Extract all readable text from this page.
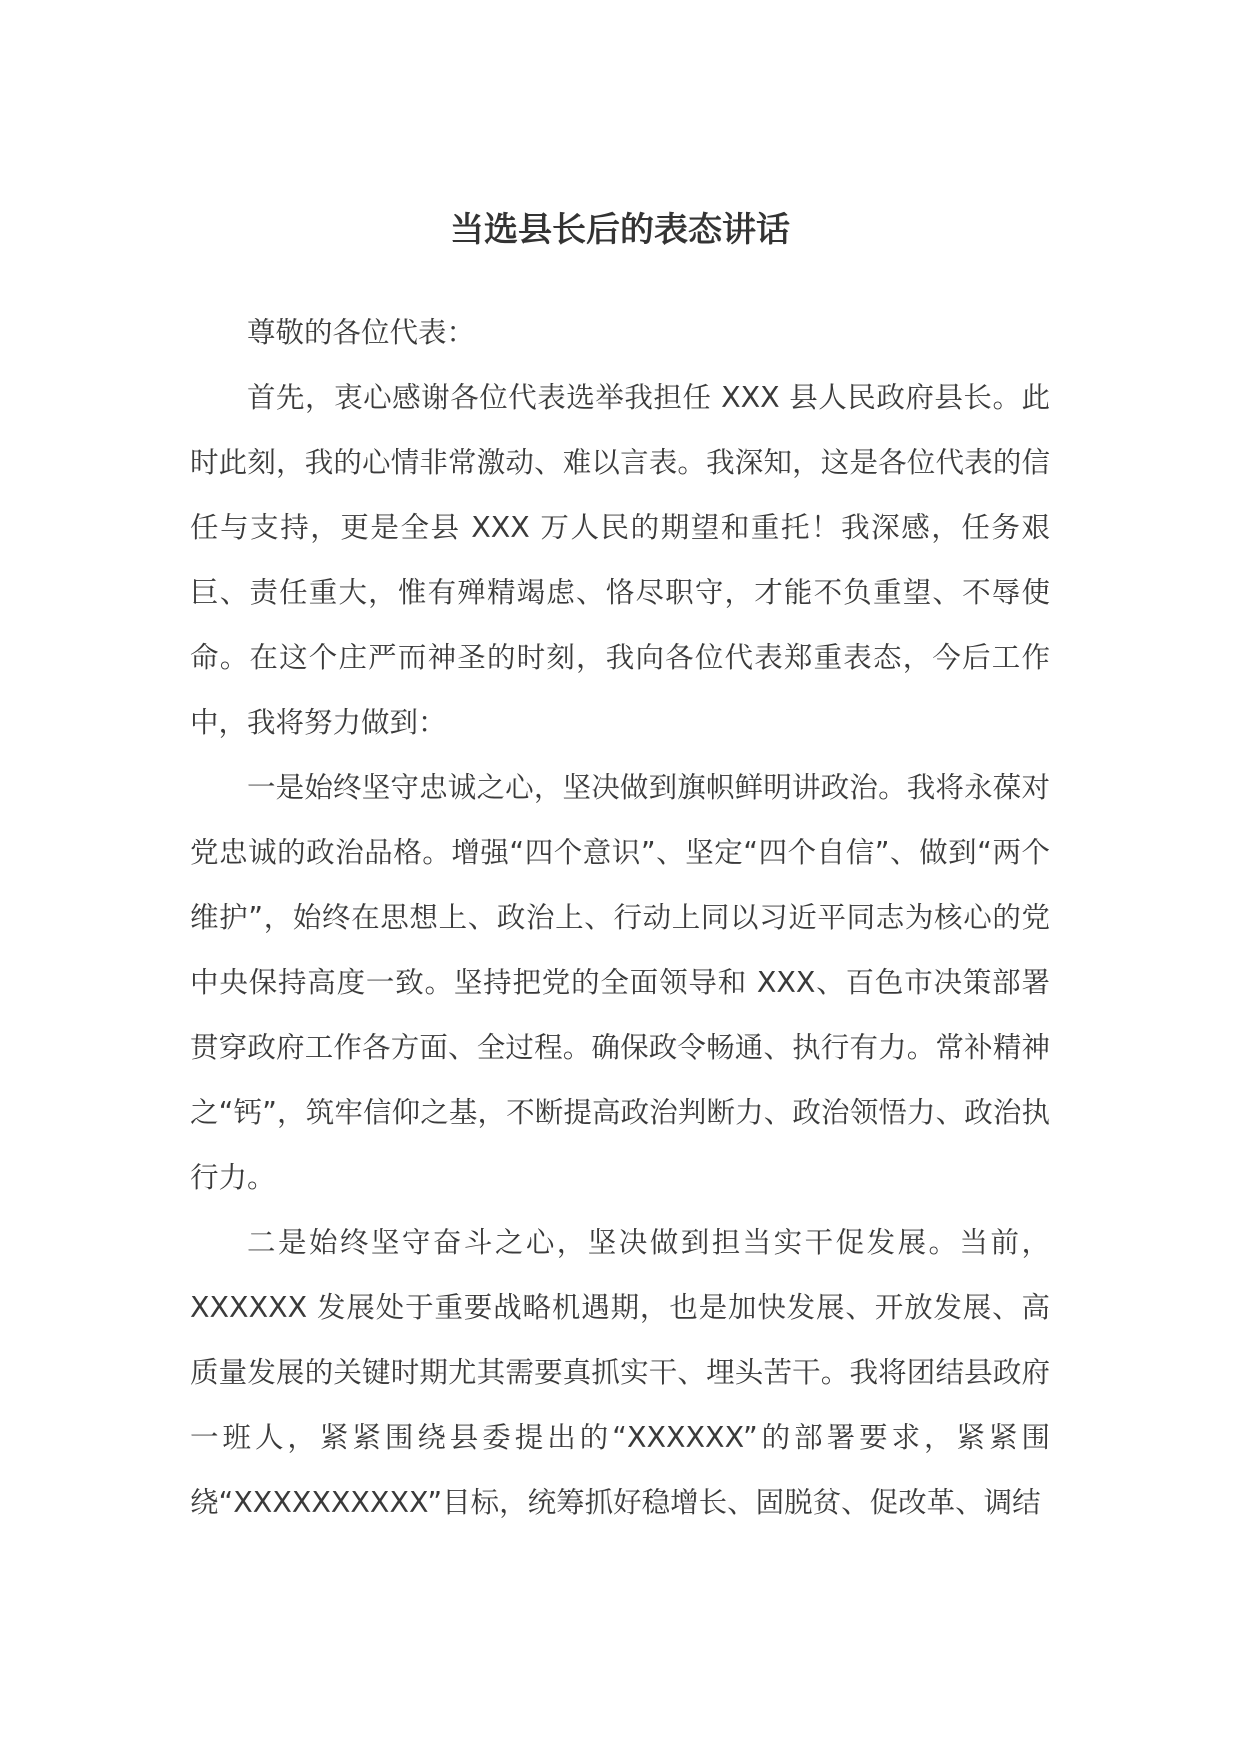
当选县长后的表态讲话

尊敬的各位代表：

首先，衷心感谢各位代表选举我担任 XXX 县人民政府县长。此时此刻，我的心情非常激动、难以言表。我深知，这是各位代表的信任与支持，更是全县 XXX 万人民的期望和重托！我深感，任务艰巨、责任重大，惟有殚精竭虑、恪尽职守，才能不负重望、不辱使命。在这个庄严而神圣的时刻，我向各位代表郑重表态，今后工作中，我将努力做到：

一是始终坚守忠诚之心，坚决做到旗帜鲜明讲政治。我将永葆对党忠诚的政治品格。增强“四个意识”、坚定“四个自信”、做到“两个维护”，始终在思想上、政治上、行动上同以习近平同志为核心的党中央保持高度一致。坚持把党的全面领导和 XXX、百色市决策部署贯穿政府工作各方面、全过程。确保政令畅通、执行有力。常补精神之“钙”，筑牢信仰之基，不断提高政治判断力、政治领悟力、政治执行力。

二是始终坚守奋斗之心，坚决做到担当实干促发展。当前，XXXXXX 发展处于重要战略机遇期，也是加快发展、开放发展、高质量发展的关键时期尤其需要真抓实干、埋头苦干。我将团结县政府一班人，紧紧围绕县委提出的“XXXXXX”的部署要求，紧紧围绕“XXXXXXXXXX”目标，统筹抓好稳增长、固脱贫、促改革、调结
